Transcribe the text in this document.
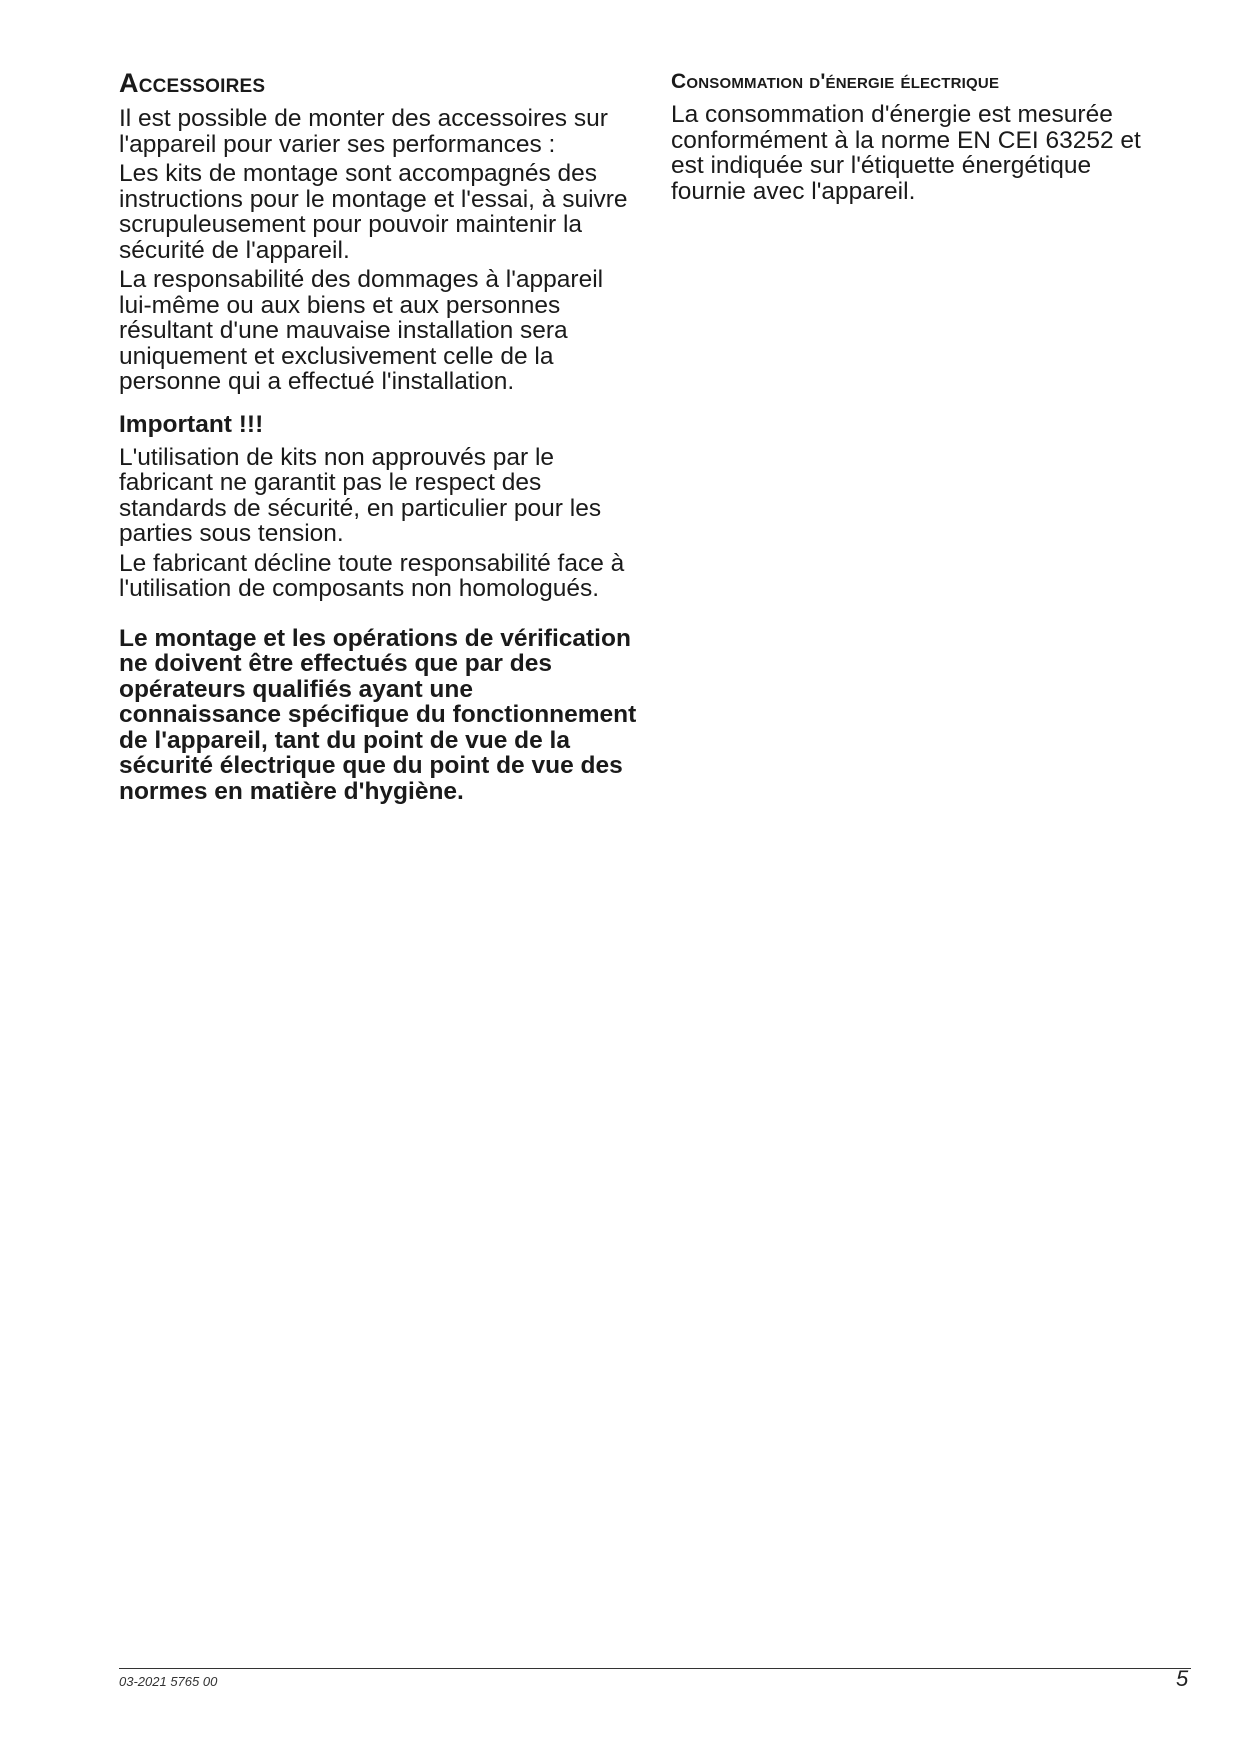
Accessoires

Il est possible de monter des accessoires sur l'appareil pour varier ses performances :

Les kits de montage sont accompagnés des instructions pour le montage et l'essai, à suivre scrupuleusement pour pouvoir maintenir la sécurité de l'appareil.

La responsabilité des dommages à l'appareil lui-même ou aux biens et aux personnes résultant d'une mauvaise installation sera uniquement et exclusivement celle de la personne qui a effectué l'installation.

Important !!!

L'utilisation de kits non approuvés par le fabricant ne garantit pas le respect des standards de sécurité, en particulier pour les parties sous tension.

Le fabricant décline toute responsabilité face à l'utilisation de composants non homologués.

Le montage et les opérations de vérification ne doivent être effectués que par des opérateurs qualifiés ayant une connaissance spécifique du fonctionnement de l'appareil, tant du point de vue de la sécurité électrique que du point de vue des normes en matière d'hygiène.

Consommation d'énergie électrique

La consommation d'énergie est mesurée conformément à la norme EN CEI 63252 et est indiquée sur l'étiquette énergétique fournie avec l'appareil.

03-2021 5765 00	5
